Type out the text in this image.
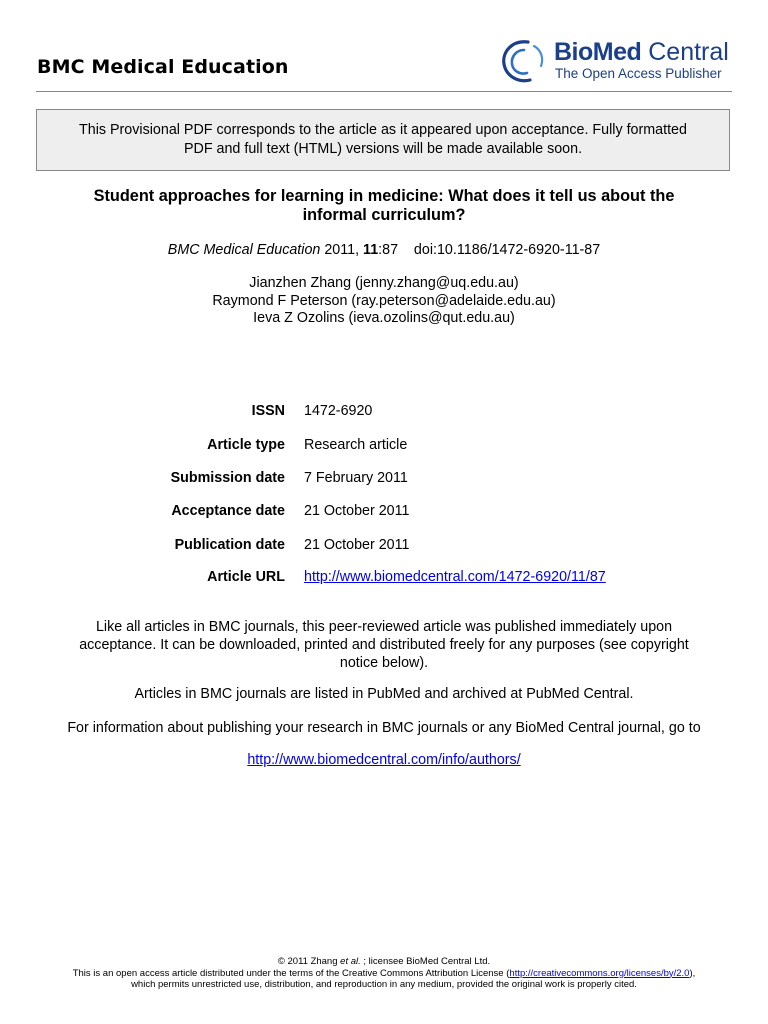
BMC Medical Education
BioMed Central
The Open Access Publisher
This Provisional PDF corresponds to the article as it appeared upon acceptance. Fully formatted
PDF and full text (HTML) versions will be made available soon.
Student approaches for learning in medicine: What does it tell us about the
informal curriculum?
BMC Medical Education 2011, 11:87 doi:10.1186/1472-6920-11-87
Jianzhen Zhang (jenny.zhang@uq.edu.au)
Raymond F Peterson (ray.peterson@adelaide.edu.au)
Ieva Z Ozolins (ieva.ozolins@qut.edu.au)
ISSN 1472-6920
Article type Research article
Submission date 7 February 2011
Acceptance date 21 October 2011
Publication date 21 October 2011
Article URL http://www.biomedcentral.com/1472-6920/11/87
Like all articles in BMC journals, this peer-reviewed article was published immediately upon
acceptance. It can be downloaded, printed and distributed freely for any purposes (see copyright
notice below).
Articles in BMC journals are listed in PubMed and archived at PubMed Central.
For information about publishing your research in BMC journals or any BioMed Central journal, go to
http://www.biomedcentral.com/info/authors/
© 2011 Zhang et al. ; licensee BioMed Central Ltd.
This is an open access article distributed under the terms of the Creative Commons Attribution License (http://creativecommons.org/licenses/by/2.0),
which permits unrestricted use, distribution, and reproduction in any medium, provided the original work is properly cited.
